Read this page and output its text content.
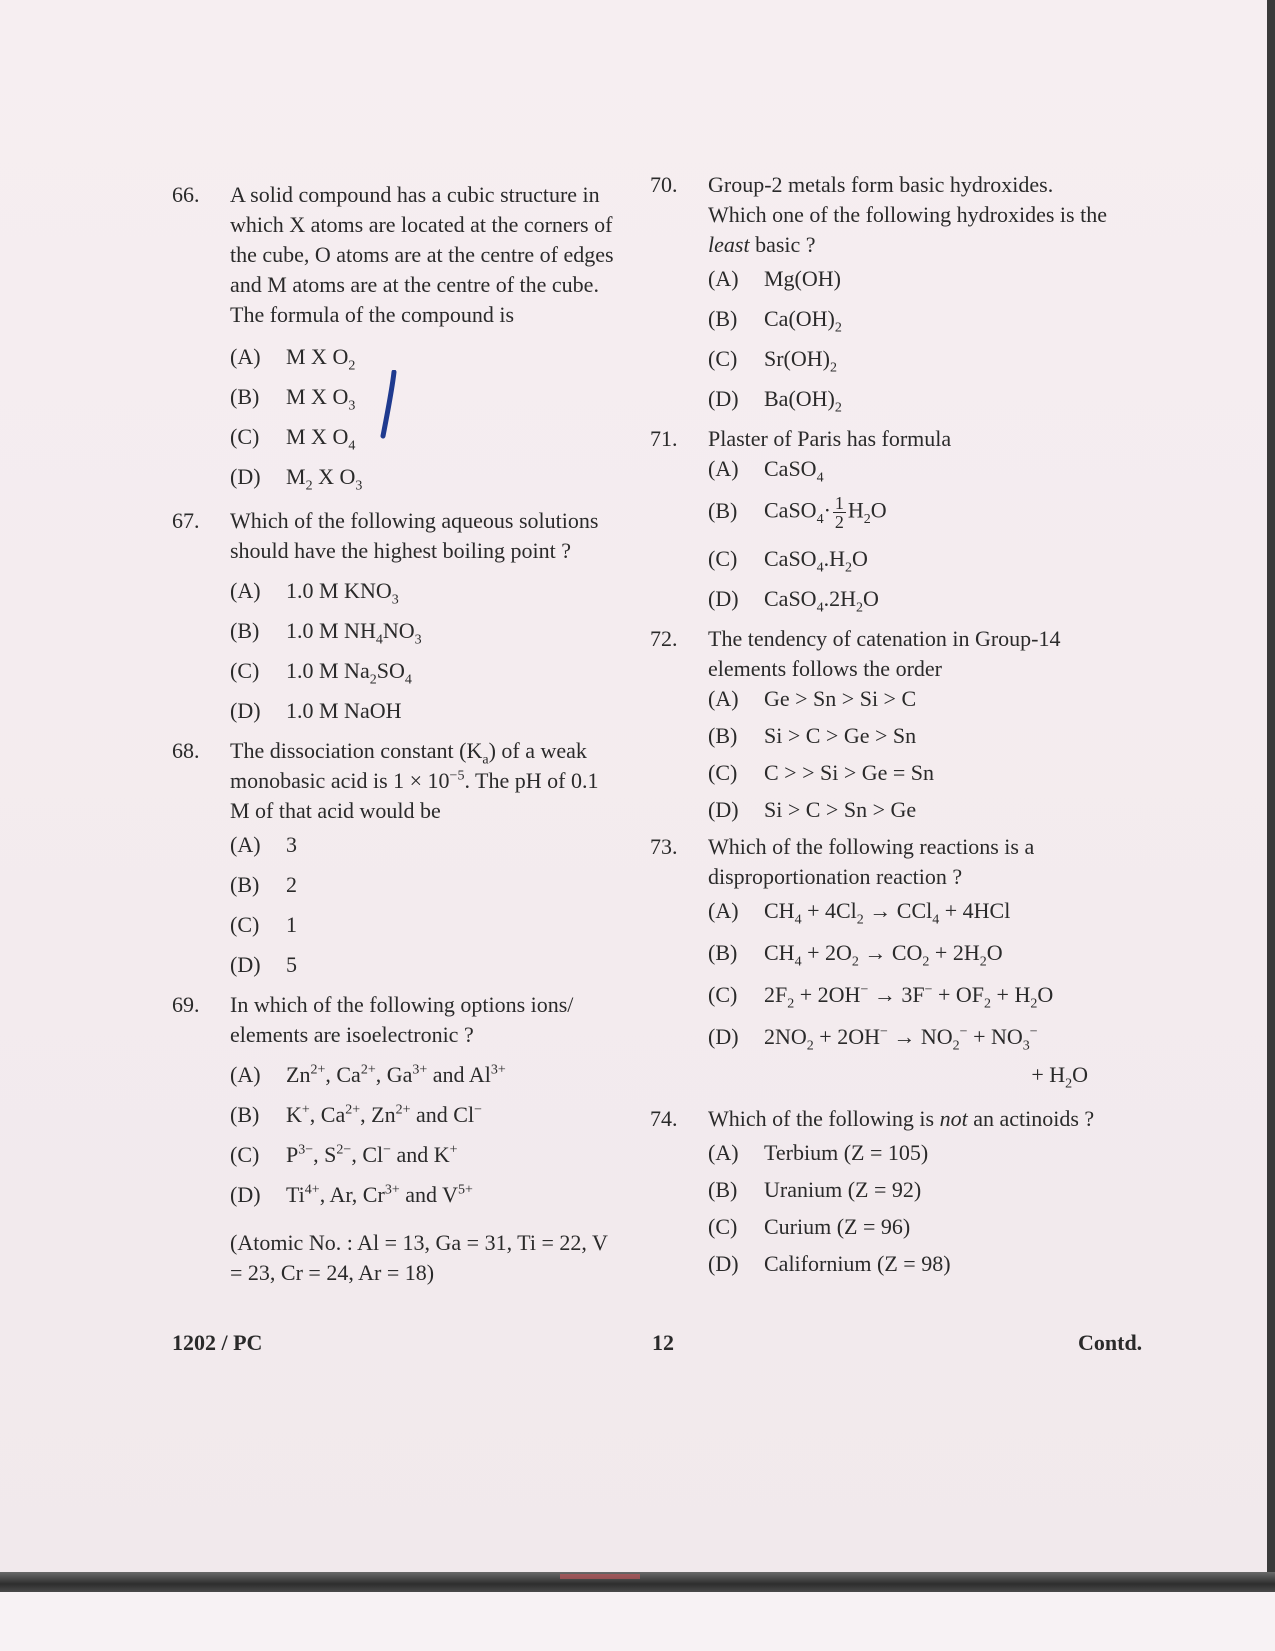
66. A solid compound has a cubic structure in which X atoms are located at the corners of the cube, O atoms are at the centre of edges and M atoms are at the centre of the cube. The formula of the compound is
(A)	M X $O_2$
(B)	M X $O_3$
(C)	M X $O_4$
(D)	$M_2$ X $O_3$
67. Which of the following aqueous solutions should have the highest boiling point ?
(A)	1.0 M $KNO_3$
(B)	1.0 M $NH_4NO_3$
(C)	1.0 M $Na_2SO_4$
(D)	1.0 M NaOH
68. The dissociation constant $(K_a)$ of a weak monobasic acid is $1 \times 10^{-5}$. The pH of 0.1 M of that acid would be
(A)	3
(B)	2
(C)	1
(D)	5
69. In which of the following options ions/ elements are isoelectronic ?
(A)	$Zn^{2+}$, $Ca^{2+}$, $Ga^{3+}$ and $Al^{3+}$
(B)	K+, $Ca^{2+}$, $Zn^{2+}$ and Cl−
(C)	$P^{3-}$, $S^{2-}$, Cl− and K+
(D)	$Ti^{4+}$, Ar, $Cr^{3+}$ and $V^{5+}$
(Atomic No. : Al = 13, Ga = 31, Ti = 22, V = 23, Cr = 24, Ar = 18)
70. Group-2 metals form basic hydroxides. Which one of the following hydroxides is the least basic ?
(A)	Mg(OH)
(B)	$Ca(OH)_2$
(C)	$Sr(OH)_2$
(D)	$Ba(OH)_2$
71. Plaster of Paris has formula
(A)	CaSO$_4$
(B)	CaSO$_4$· $\frac{1}{2} H_2O$
(C)	$CaSO_4.H_2O$
(D)	$CaSO_4.2H_2O$
72. The tendency of catenation in Group-14 elements follows the order
(A)	Ge > Sn > Si > C
(B)	Si > C > Ge > Sn
(C)	C > > Si > Ge = Sn
(D)	Si > C > Sn > Ge
73. Which of the following reactions is a disproportionation reaction ?
(A)	$CH_4 + 4Cl_2 \to CCl_4 + 4HCl$
(B)	$CH_4 + 2O_2 \to CO_2 + 2H_2O$
(C)	$2F_2 + 2OH^- \to 3F^- + OF_2 + H_2O$
(D)	$2NO_2 + 2OH^- \to NO_2^- + NO_3^-$
+ $H_2O$
74. Which of the following is not an actinoids ?
(A)	Terbium (Z = 105)
(B)	Uranium (Z = 92)
(C)	Curium (Z = 96)
(D)	Californium (Z = 98)
1202 / PC	12	Contd.
